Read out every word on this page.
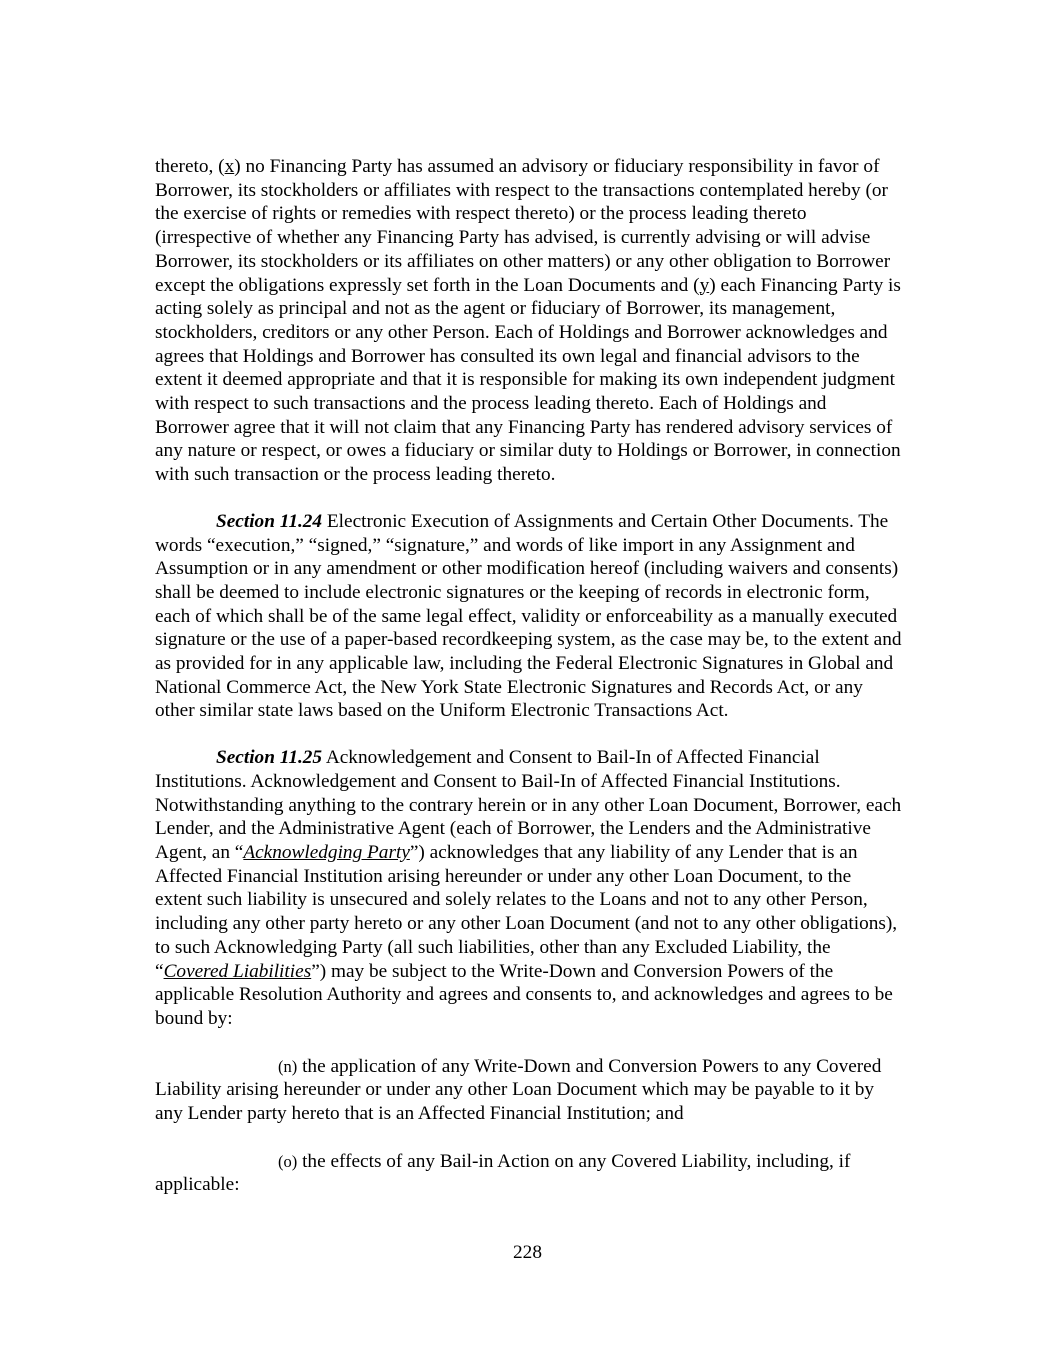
thereto, (x) no Financing Party has assumed an advisory or fiduciary responsibility in favor of Borrower, its stockholders or affiliates with respect to the transactions contemplated hereby (or the exercise of rights or remedies with respect thereto) or the process leading thereto (irrespective of whether any Financing Party has advised, is currently advising or will advise Borrower, its stockholders or its affiliates on other matters) or any other obligation to Borrower except the obligations expressly set forth in the Loan Documents and (y) each Financing Party is acting solely as principal and not as the agent or fiduciary of Borrower, its management, stockholders, creditors or any other Person. Each of Holdings and Borrower acknowledges and agrees that Holdings and Borrower has consulted its own legal and financial advisors to the extent it deemed appropriate and that it is responsible for making its own independent judgment with respect to such transactions and the process leading thereto. Each of Holdings and Borrower agree that it will not claim that any Financing Party has rendered advisory services of any nature or respect, or owes a fiduciary or similar duty to Holdings or Borrower, in connection with such transaction or the process leading thereto.

Section 11.24 Electronic Execution of Assignments and Certain Other Documents. The words “execution,” “signed,” “signature,” and words of like import in any Assignment and Assumption or in any amendment or other modification hereof (including waivers and consents) shall be deemed to include electronic signatures or the keeping of records in electronic form, each of which shall be of the same legal effect, validity or enforceability as a manually executed signature or the use of a paper-based recordkeeping system, as the case may be, to the extent and as provided for in any applicable law, including the Federal Electronic Signatures in Global and National Commerce Act, the New York State Electronic Signatures and Records Act, or any other similar state laws based on the Uniform Electronic Transactions Act.

Section 11.25 Acknowledgement and Consent to Bail-In of Affected Financial Institutions. Acknowledgement and Consent to Bail-In of Affected Financial Institutions. Notwithstanding anything to the contrary herein or in any other Loan Document, Borrower, each Lender, and the Administrative Agent (each of Borrower, the Lenders and the Administrative Agent, an “Acknowledging Party”) acknowledges that any liability of any Lender that is an Affected Financial Institution arising hereunder or under any other Loan Document, to the extent such liability is unsecured and solely relates to the Loans and not to any other Person, including any other party hereto or any other Loan Document (and not to any other obligations), to such Acknowledging Party (all such liabilities, other than any Excluded Liability, the “Covered Liabilities”) may be subject to the Write-Down and Conversion Powers of the applicable Resolution Authority and agrees and consents to, and acknowledges and agrees to be bound by:

(n) the application of any Write-Down and Conversion Powers to any Covered Liability arising hereunder or under any other Loan Document which may be payable to it by any Lender party hereto that is an Affected Financial Institution; and

(o) the effects of any Bail-in Action on any Covered Liability, including, if applicable:

228
